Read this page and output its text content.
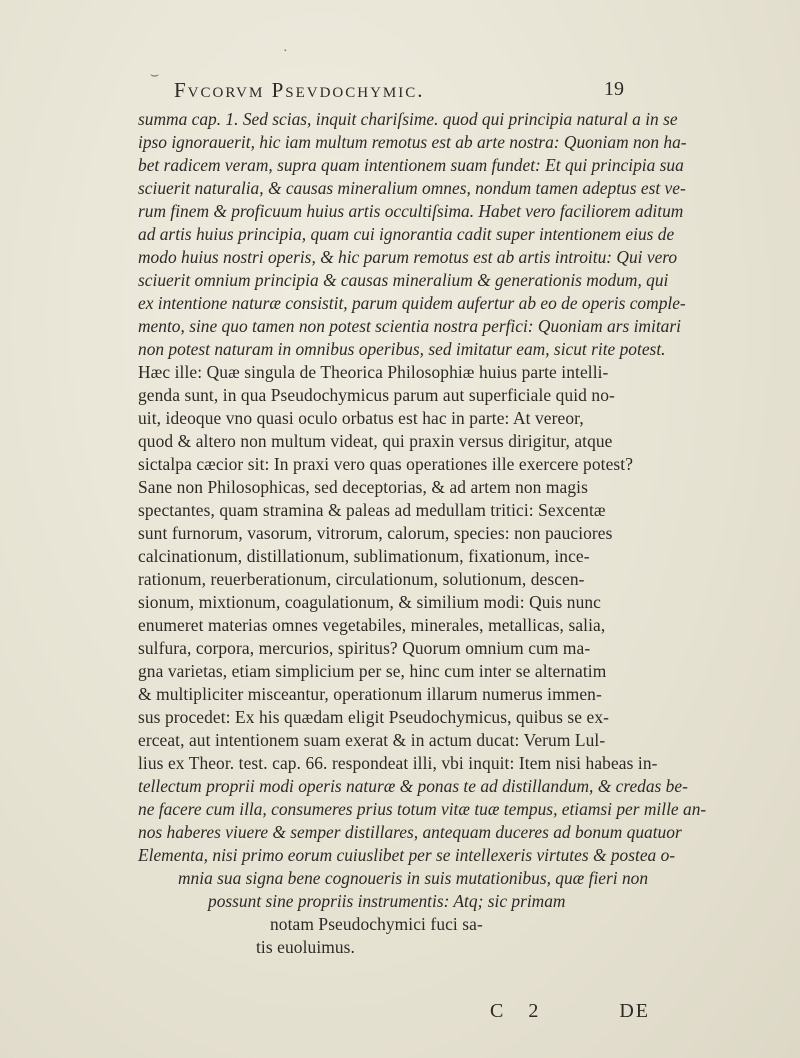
Fvcorvm Psevdochymic.	19
⌣
·
summa cap. 1. Sed scias, inquit chariſsime. quod qui principia natural a in se
ipso ignorauerit, hic iam multum remotus est ab arte nostra: Quoniam non ha-
bet radicem veram, supra quam intentionem suam fundet: Et qui principia sua
sciuerit naturalia, & causas mineralium omnes, nondum tamen adeptus est ve-
rum finem & proficuum huius artis occultiſsima. Habet vero faciliorem aditum
ad artis huius principia, quam cui ignorantia cadit super intentionem eius de
modo huius nostri operis, & hic parum remotus est ab artis introitu: Qui vero
sciuerit omnium principia & causas mineralium & generationis modum, qui
ex intentione naturæ consistit, parum quidem aufertur ab eo de operis comple-
mento, sine quo tamen non potest scientia nostra perfici: Quoniam ars imitari
non potest naturam in omnibus operibus, sed imitatur eam, sicut rite potest.
Hæc ille: Quæ singula de Theorica Philosophiæ huius parte intelli-
genda sunt, in qua Pseudochymicus parum aut superficiale quid no-
uit, ideoque vno quasi oculo orbatus est hac in parte: At vereor,
quod & altero non multum videat, qui praxin versus dirigitur, atque
sictalpa cæcior sit: In praxi vero quas operationes ille exercere potest?
Sane non Philosophicas, sed deceptorias, & ad artem non magis
spectantes, quam stramina & paleas ad medullam tritici: Sexcentæ
sunt furnorum, vasorum, vitrorum, calorum, species: non pauciores
calcinationum, distillationum, sublimationum, fixationum, ince-
rationum, reuerberationum, circulationum, solutionum, descen-
sionum, mixtionum, coagulationum, & similium modi: Quis nunc
enumeret materias omnes vegetabiles, minerales, metallicas, salia,
sulfura, corpora, mercurios, spiritus? Quorum omnium cum ma-
gna varietas, etiam simplicium per se, hinc cum inter se alternatim
& multipliciter misceantur, operationum illarum numerus immen-
sus procedet: Ex his quædam eligit Pseudochymicus, quibus se ex-
erceat, aut intentionem suam exerat & in actum ducat: Verum Lul-
lius ex Theor. test. cap. 66. respondeat illi, vbi inquit: Item nisi habeas in-
tellectum proprii modi operis naturæ & ponas te ad distillandum, & credas be-
ne facere cum illa, consumeres prius totum vitæ tuæ tempus, etiamsi per mille an-
nos haberes viuere & semper distillares, antequam duceres ad bonum quatuor
Elementa, nisi primo eorum cuiuslibet per se intellexeris virtutes & postea o-
mnia sua signa bene cognoueris in suis mutationibus, quæ fieri non
possunt sine propriis instrumentis: Atq; sic primam
notam Pseudochymici fuci sa-
tis euoluimus.
C 2	DE
